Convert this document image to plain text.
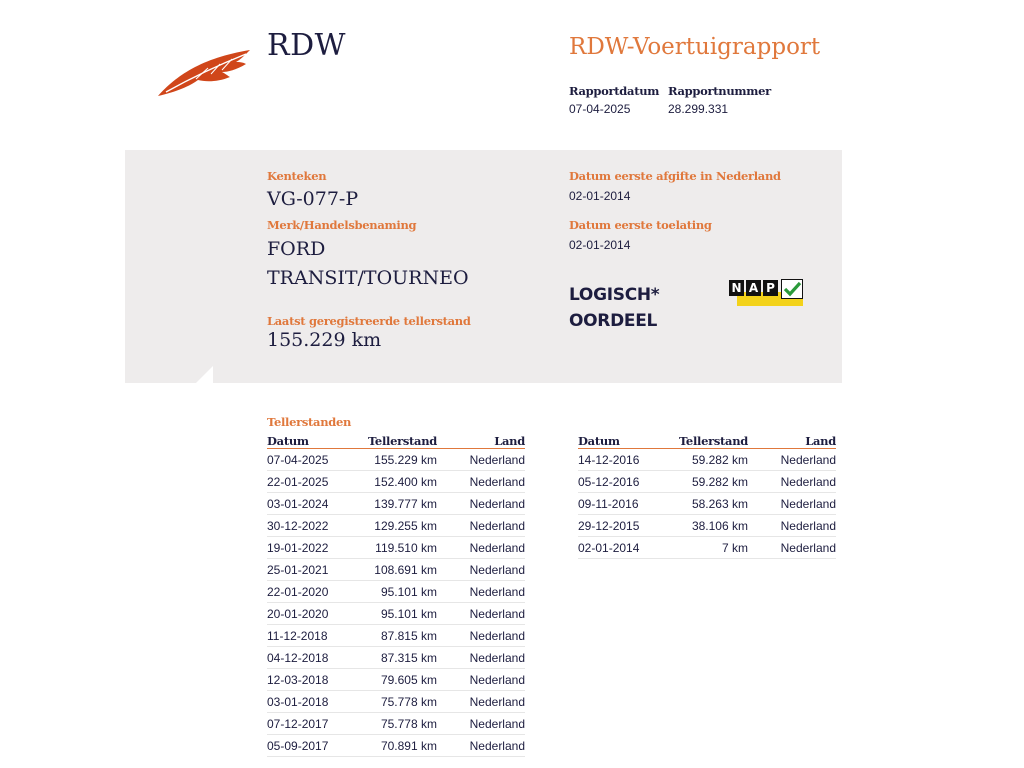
RDW	RDW-Voertuigrapport
Rapportdatum Rapportnummer
07-04-2025	28.299.331
Kenteken
VG-077-P
Merk/Handelsbenaming
FORD
TRANSIT/TOURNEO
Laatst geregistreerde tellerstand
155.229 km
Datum eerste afgifte in Nederland
02-01-2014
Datum eerste toelating
02-01-2014
LOGISCH*
OORDEEL
N A P
Tellerstanden
Datum	Tellerstand	Land
07-04-2025	155.229 km	Nederland
22-01-2025	152.400 km	Nederland
03-01-2024	139.777 km	Nederland
30-12-2022	129.255 km	Nederland
19-01-2022	119.510 km	Nederland
25-01-2021	108.691 km	Nederland
22-01-2020	95.101 km	Nederland
20-01-2020	95.101 km	Nederland
11-12-2018	87.815 km	Nederland
04-12-2018	87.315 km	Nederland
12-03-2018	79.605 km	Nederland
03-01-2018	75.778 km	Nederland
07-12-2017	75.778 km	Nederland
05-09-2017	70.891 km	Nederland
Datum	Tellerstand	Land
14-12-2016	59.282 km	Nederland
05-12-2016	59.282 km	Nederland
09-11-2016	58.263 km	Nederland
29-12-2015	38.106 km	Nederland
02-01-2014	7 km	Nederland
